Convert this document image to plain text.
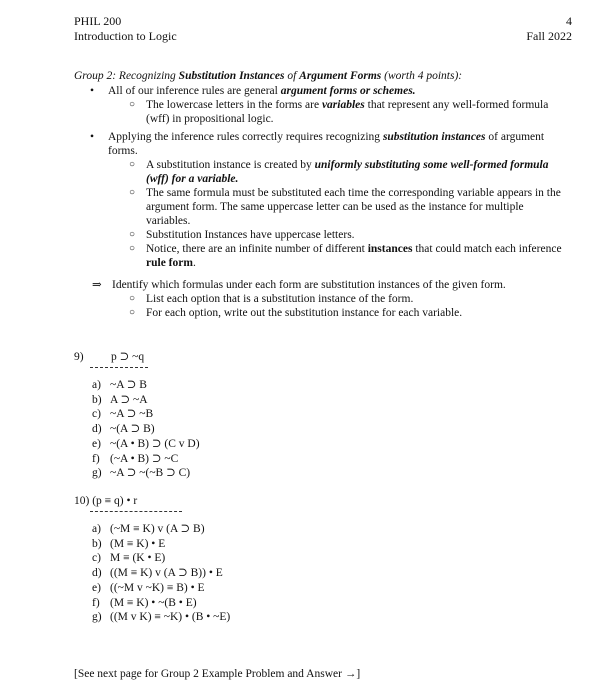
PHIL 200
Introduction to Logic
4
Fall 2022
Group 2: Recognizing Substitution Instances of Argument Forms (worth 4 points):
• All of our inference rules are general argument forms or schemes.
○ The lowercase letters in the forms are variables that represent any well-formed formula (wff) in propositional logic.
• Applying the inference rules correctly requires recognizing substitution instances of argument forms.
○ A substitution instance is created by uniformly substituting some well-formed formula (wff) for a variable.
○ The same formula must be substituted each time the corresponding variable appears in the argument form. The same uppercase letter can be used as the instance for multiple variables.
○ Substitution Instances have uppercase letters.
○ Notice, there are an infinite number of different instances that could match each inference rule form.
⇒ Identify which formulas under each form are substitution instances of the given form.
○ List each option that is a substitution instance of the form.
○ For each option, write out the substitution instance for each variable.
9) p ⊃ ~q
a) ~A ⊃ B
b) A ⊃ ~A
c) ~A ⊃ ~B
d) ~(A ⊃ B)
e) ~(A • B) ⊃ (C v D)
f) (~A • B) ⊃ ~C
g) ~A ⊃ ~(~B ⊃ C)
10) (p ≡ q) • r
a) (~M ≡ K) v (A ⊃ B)
b) (M ≡ K) • E
c) M ≡ (K • E)
d) ((M ≡ K) v (A ⊃ B)) • E
e) ((~M v ~K) ≡ B) • E
f) (M ≡ K) • ~(B • E)
g) ((M v K) ≡ ~K) • (B • ~E)
[See next page for Group 2 Example Problem and Answer →]
